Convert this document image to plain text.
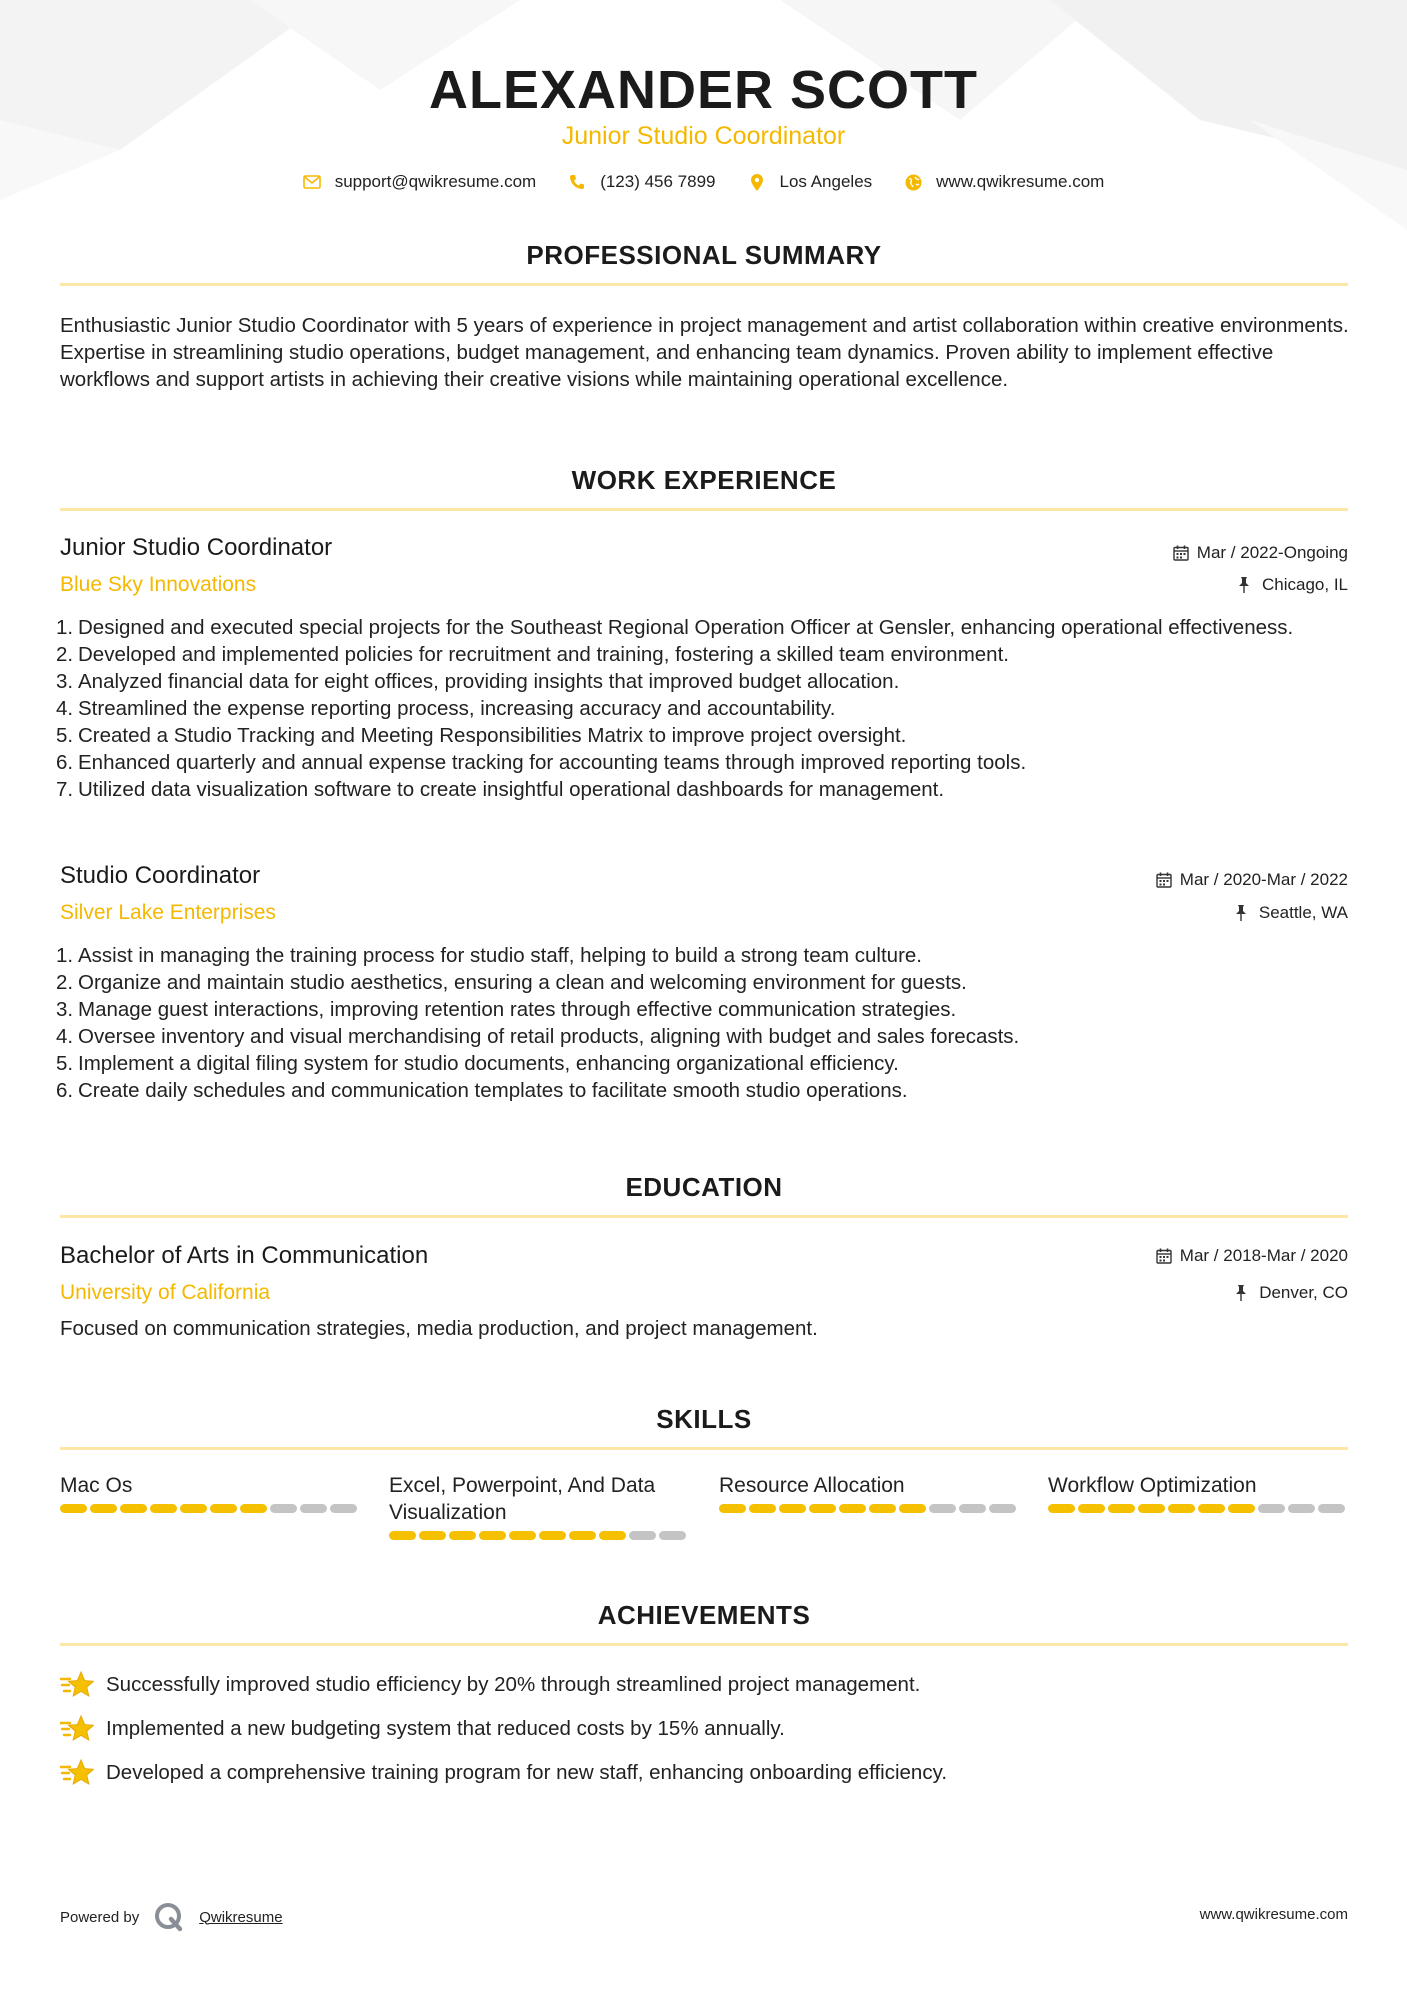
ALEXANDER SCOTT
Junior Studio Coordinator
support@qwikresume.com	(123) 456 7899	Los Angeles	www.qwikresume.com
PROFESSIONAL SUMMARY
Enthusiastic Junior Studio Coordinator with 5 years of experience in project management and artist collaboration within creative environments. Expertise in streamlining studio operations, budget management, and enhancing team dynamics. Proven ability to implement effective workflows and support artists in achieving their creative visions while maintaining operational excellence.
WORK EXPERIENCE
Junior Studio Coordinator
Blue Sky Innovations
Mar / 2022-Ongoing
Chicago, IL
1. Designed and executed special projects for the Southeast Regional Operation Officer at Gensler, enhancing operational effectiveness.
2. Developed and implemented policies for recruitment and training, fostering a skilled team environment.
3. Analyzed financial data for eight offices, providing insights that improved budget allocation.
4. Streamlined the expense reporting process, increasing accuracy and accountability.
5. Created a Studio Tracking and Meeting Responsibilities Matrix to improve project oversight.
6. Enhanced quarterly and annual expense tracking for accounting teams through improved reporting tools.
7. Utilized data visualization software to create insightful operational dashboards for management.
Studio Coordinator
Silver Lake Enterprises
Mar / 2020-Mar / 2022
Seattle, WA
1. Assist in managing the training process for studio staff, helping to build a strong team culture.
2. Organize and maintain studio aesthetics, ensuring a clean and welcoming environment for guests.
3. Manage guest interactions, improving retention rates through effective communication strategies.
4. Oversee inventory and visual merchandising of retail products, aligning with budget and sales forecasts.
5. Implement a digital filing system for studio documents, enhancing organizational efficiency.
6. Create daily schedules and communication templates to facilitate smooth studio operations.
EDUCATION
Bachelor of Arts in Communication
University of California
Mar / 2018-Mar / 2020
Denver, CO
Focused on communication strategies, media production, and project management.
SKILLS
Mac Os	Excel, Powerpoint, And Data Visualization
Resource Allocation	Workflow Optimization
ACHIEVEMENTS
Successfully improved studio efficiency by 20% through streamlined project management.
Implemented a new budgeting system that reduced costs by 15% annually.
Developed a comprehensive training program for new staff, enhancing onboarding efficiency.
Powered by	Qwikresume	www.qwikresume.com
